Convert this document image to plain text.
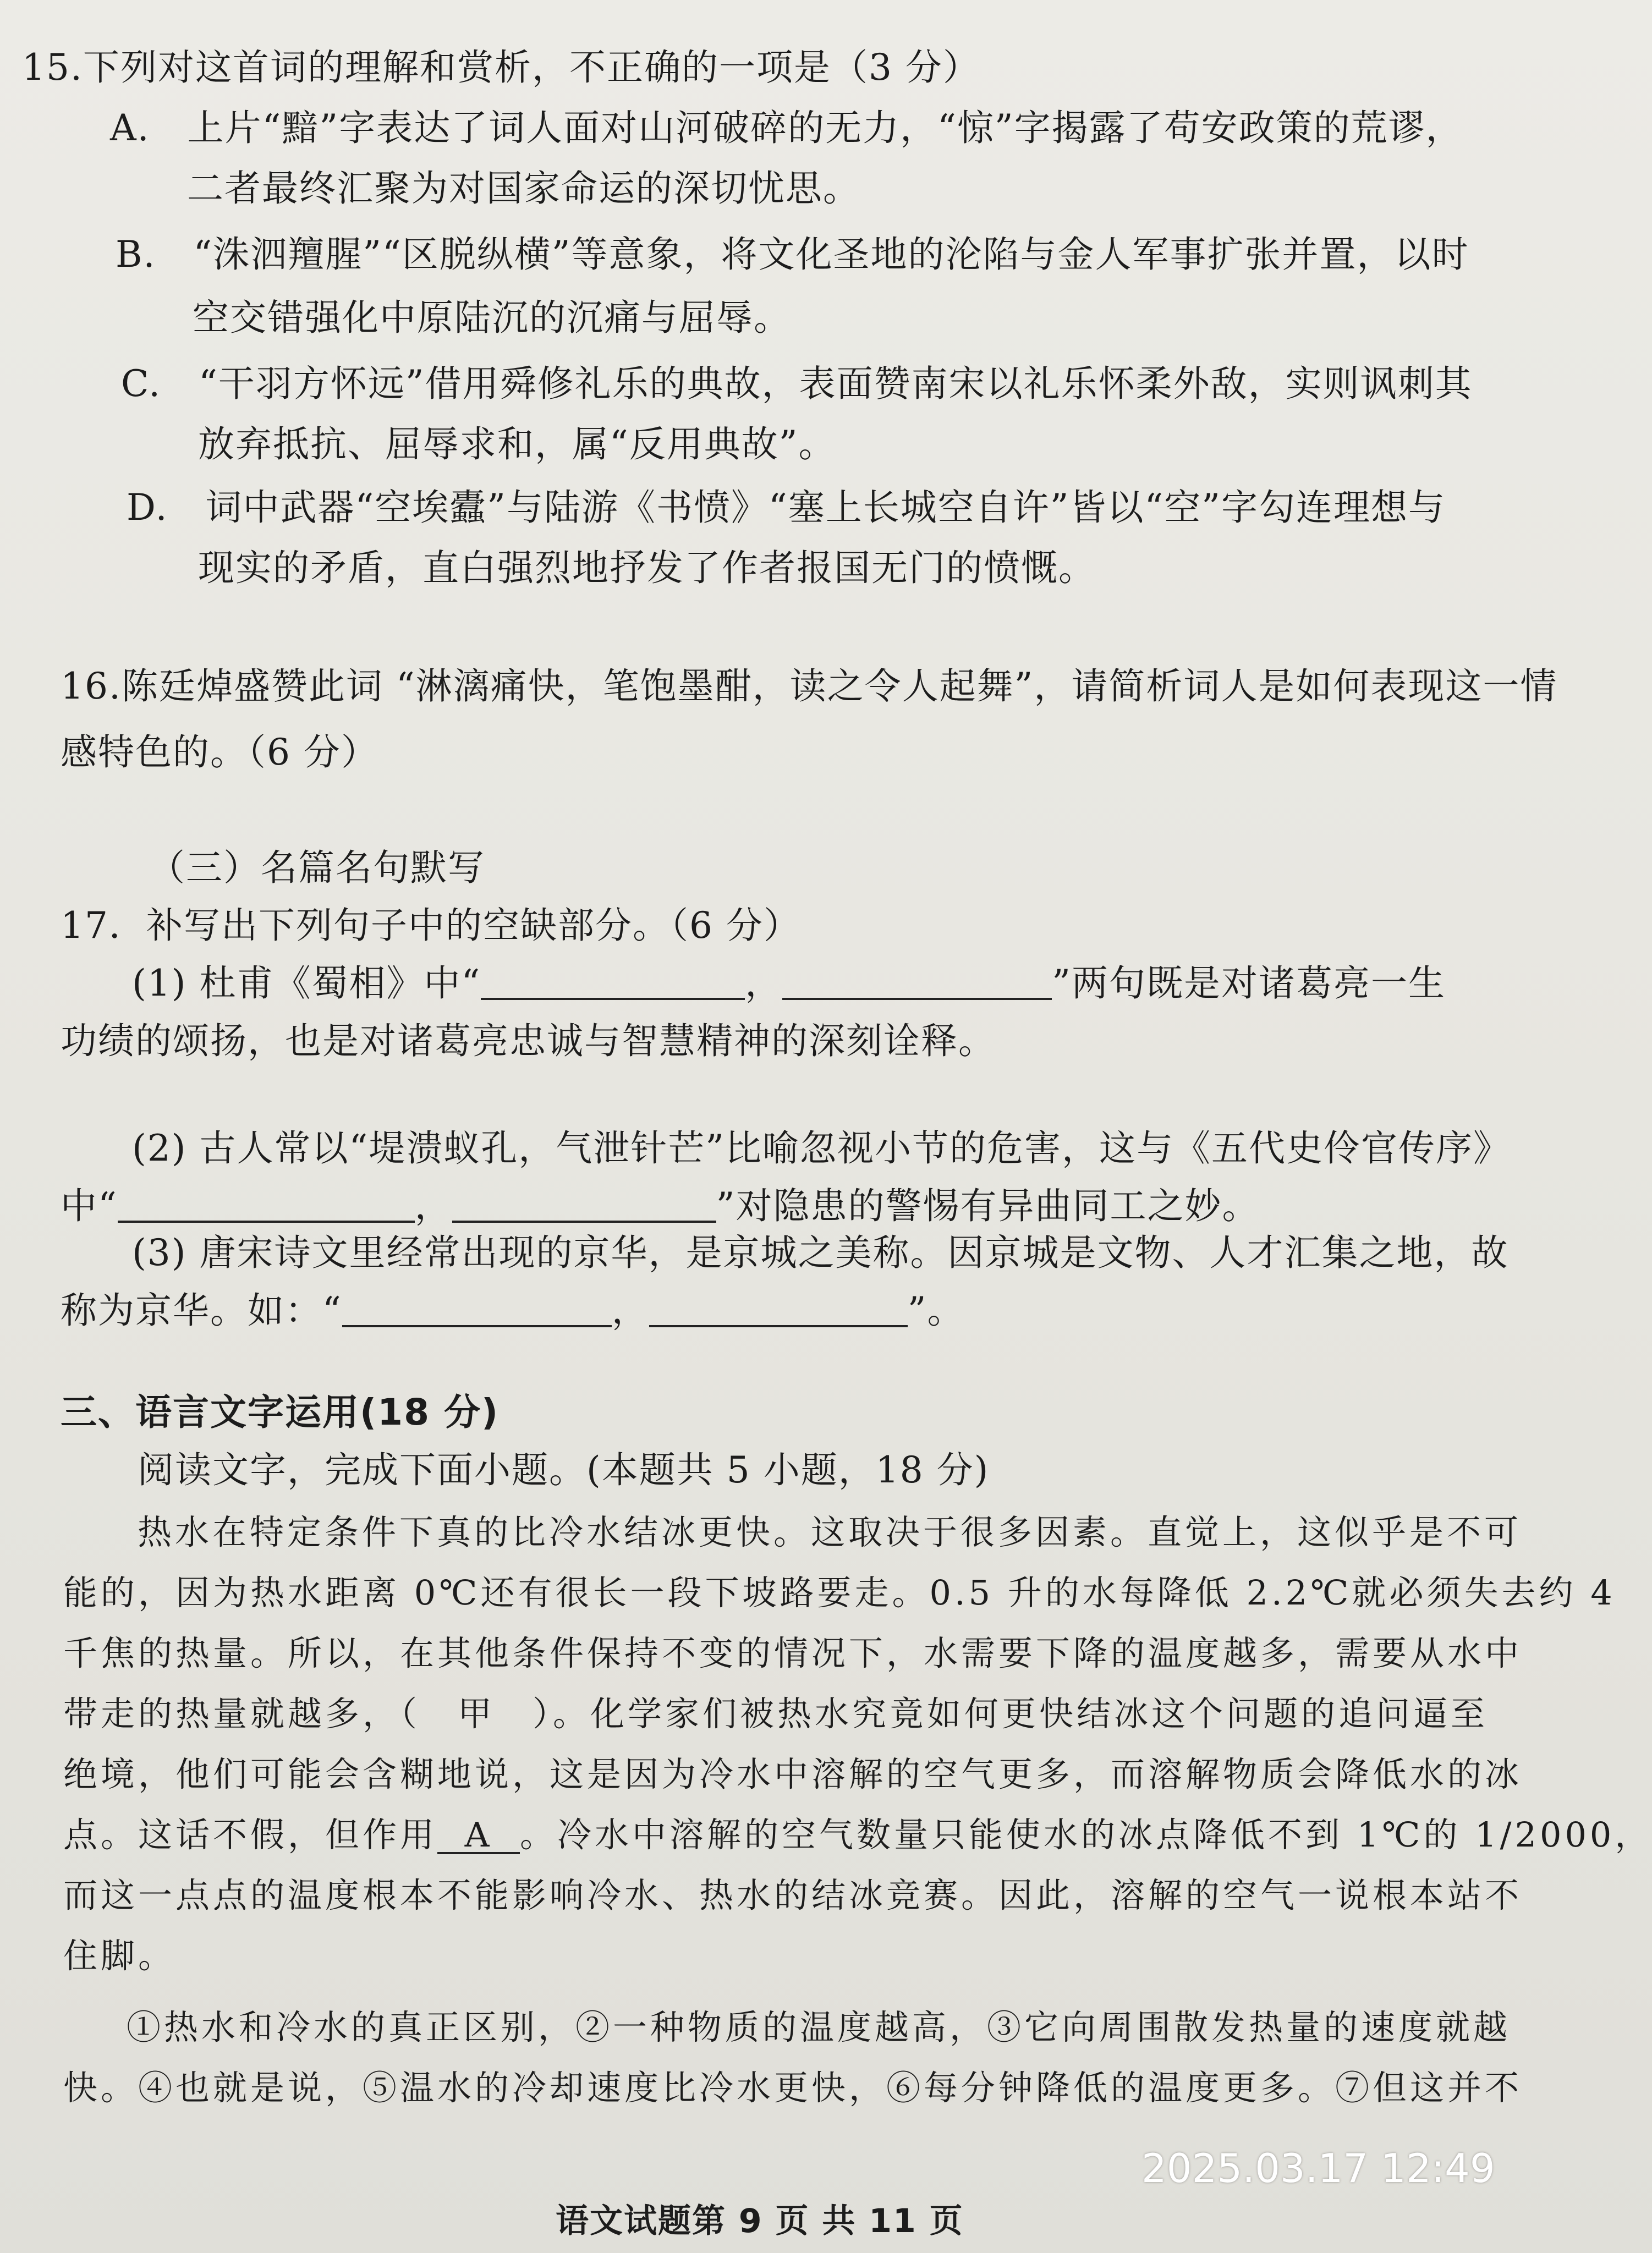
15.下列对这首词的理解和赏析，不正确的一项是（3 分）
A.　上片“黯”字表达了词人面对山河破碎的无力，“惊”字揭露了苟安政策的荒谬，
二者最终汇聚为对国家命运的深切忧思。
B.　“洙泗羶腥”“区脱纵横”等意象，将文化圣地的沦陷与金人军事扩张并置，以时
空交错强化中原陆沉的沉痛与屈辱。
C.　“干羽方怀远”借用舜修礼乐的典故，表面赞南宋以礼乐怀柔外敌，实则讽刺其
放弃抵抗、屈辱求和，属“反用典故”。
D.　词中武器“空埃蠹”与陆游《书愤》“塞上长城空自许”皆以“空”字勾连理想与
现实的矛盾，直白强烈地抒发了作者报国无门的愤慨。
16.陈廷焯盛赞此词 “淋漓痛快，笔饱墨酣，读之令人起舞”，请简析词人是如何表现这一情
感特色的。（6 分）
（三）名篇名句默写
17．补写出下列句子中的空缺部分。（6 分）
(1) 杜甫《蜀相》中“	，	”两句既是对诸葛亮一生
功绩的颂扬，也是对诸葛亮忠诚与智慧精神的深刻诠释。
(2) 古人常以“堤溃蚁孔，气泄针芒”比喻忽视小节的危害，这与《五代史伶官传序》
中“	，	”对隐患的警惕有异曲同工之妙。
(3) 唐宋诗文里经常出现的京华，是京城之美称。因京城是文物、人才汇集之地，故
称为京华。如：“	，	”。
三、语言文字运用(18 分)
阅读文字，完成下面小题。(本题共 5 小题，18 分)
热水在特定条件下真的比冷水结冰更快。这取决于很多因素。直觉上，这似乎是不可
能的，因为热水距离 0℃还有很长一段下坡路要走。0.5 升的水每降低 2.2℃就必须失去约 4
千焦的热量。所以，在其他条件保持不变的情况下，水需要下降的温度越多，需要从水中
带走的热量就越多，（　甲　）。化学家们被热水究竟如何更快结冰这个问题的追问逼至
绝境，他们可能会含糊地说，这是因为冷水中溶解的空气更多，而溶解物质会降低水的冰
点。这话不假，但作用 A 。冷水中溶解的空气数量只能使水的冰点降低不到 1℃的 1/2000，
而这一点点的温度根本不能影响冷水、热水的结冰竞赛。因此，溶解的空气一说根本站不
住脚。
①热水和冷水的真正区别，②一种物质的温度越高，③它向周围散发热量的速度就越
快。④也就是说，⑤温水的冷却速度比冷水更快，⑥每分钟降低的温度更多。⑦但这并不
2025.03.17 12:49
语文试题第 9 页 共 11 页
